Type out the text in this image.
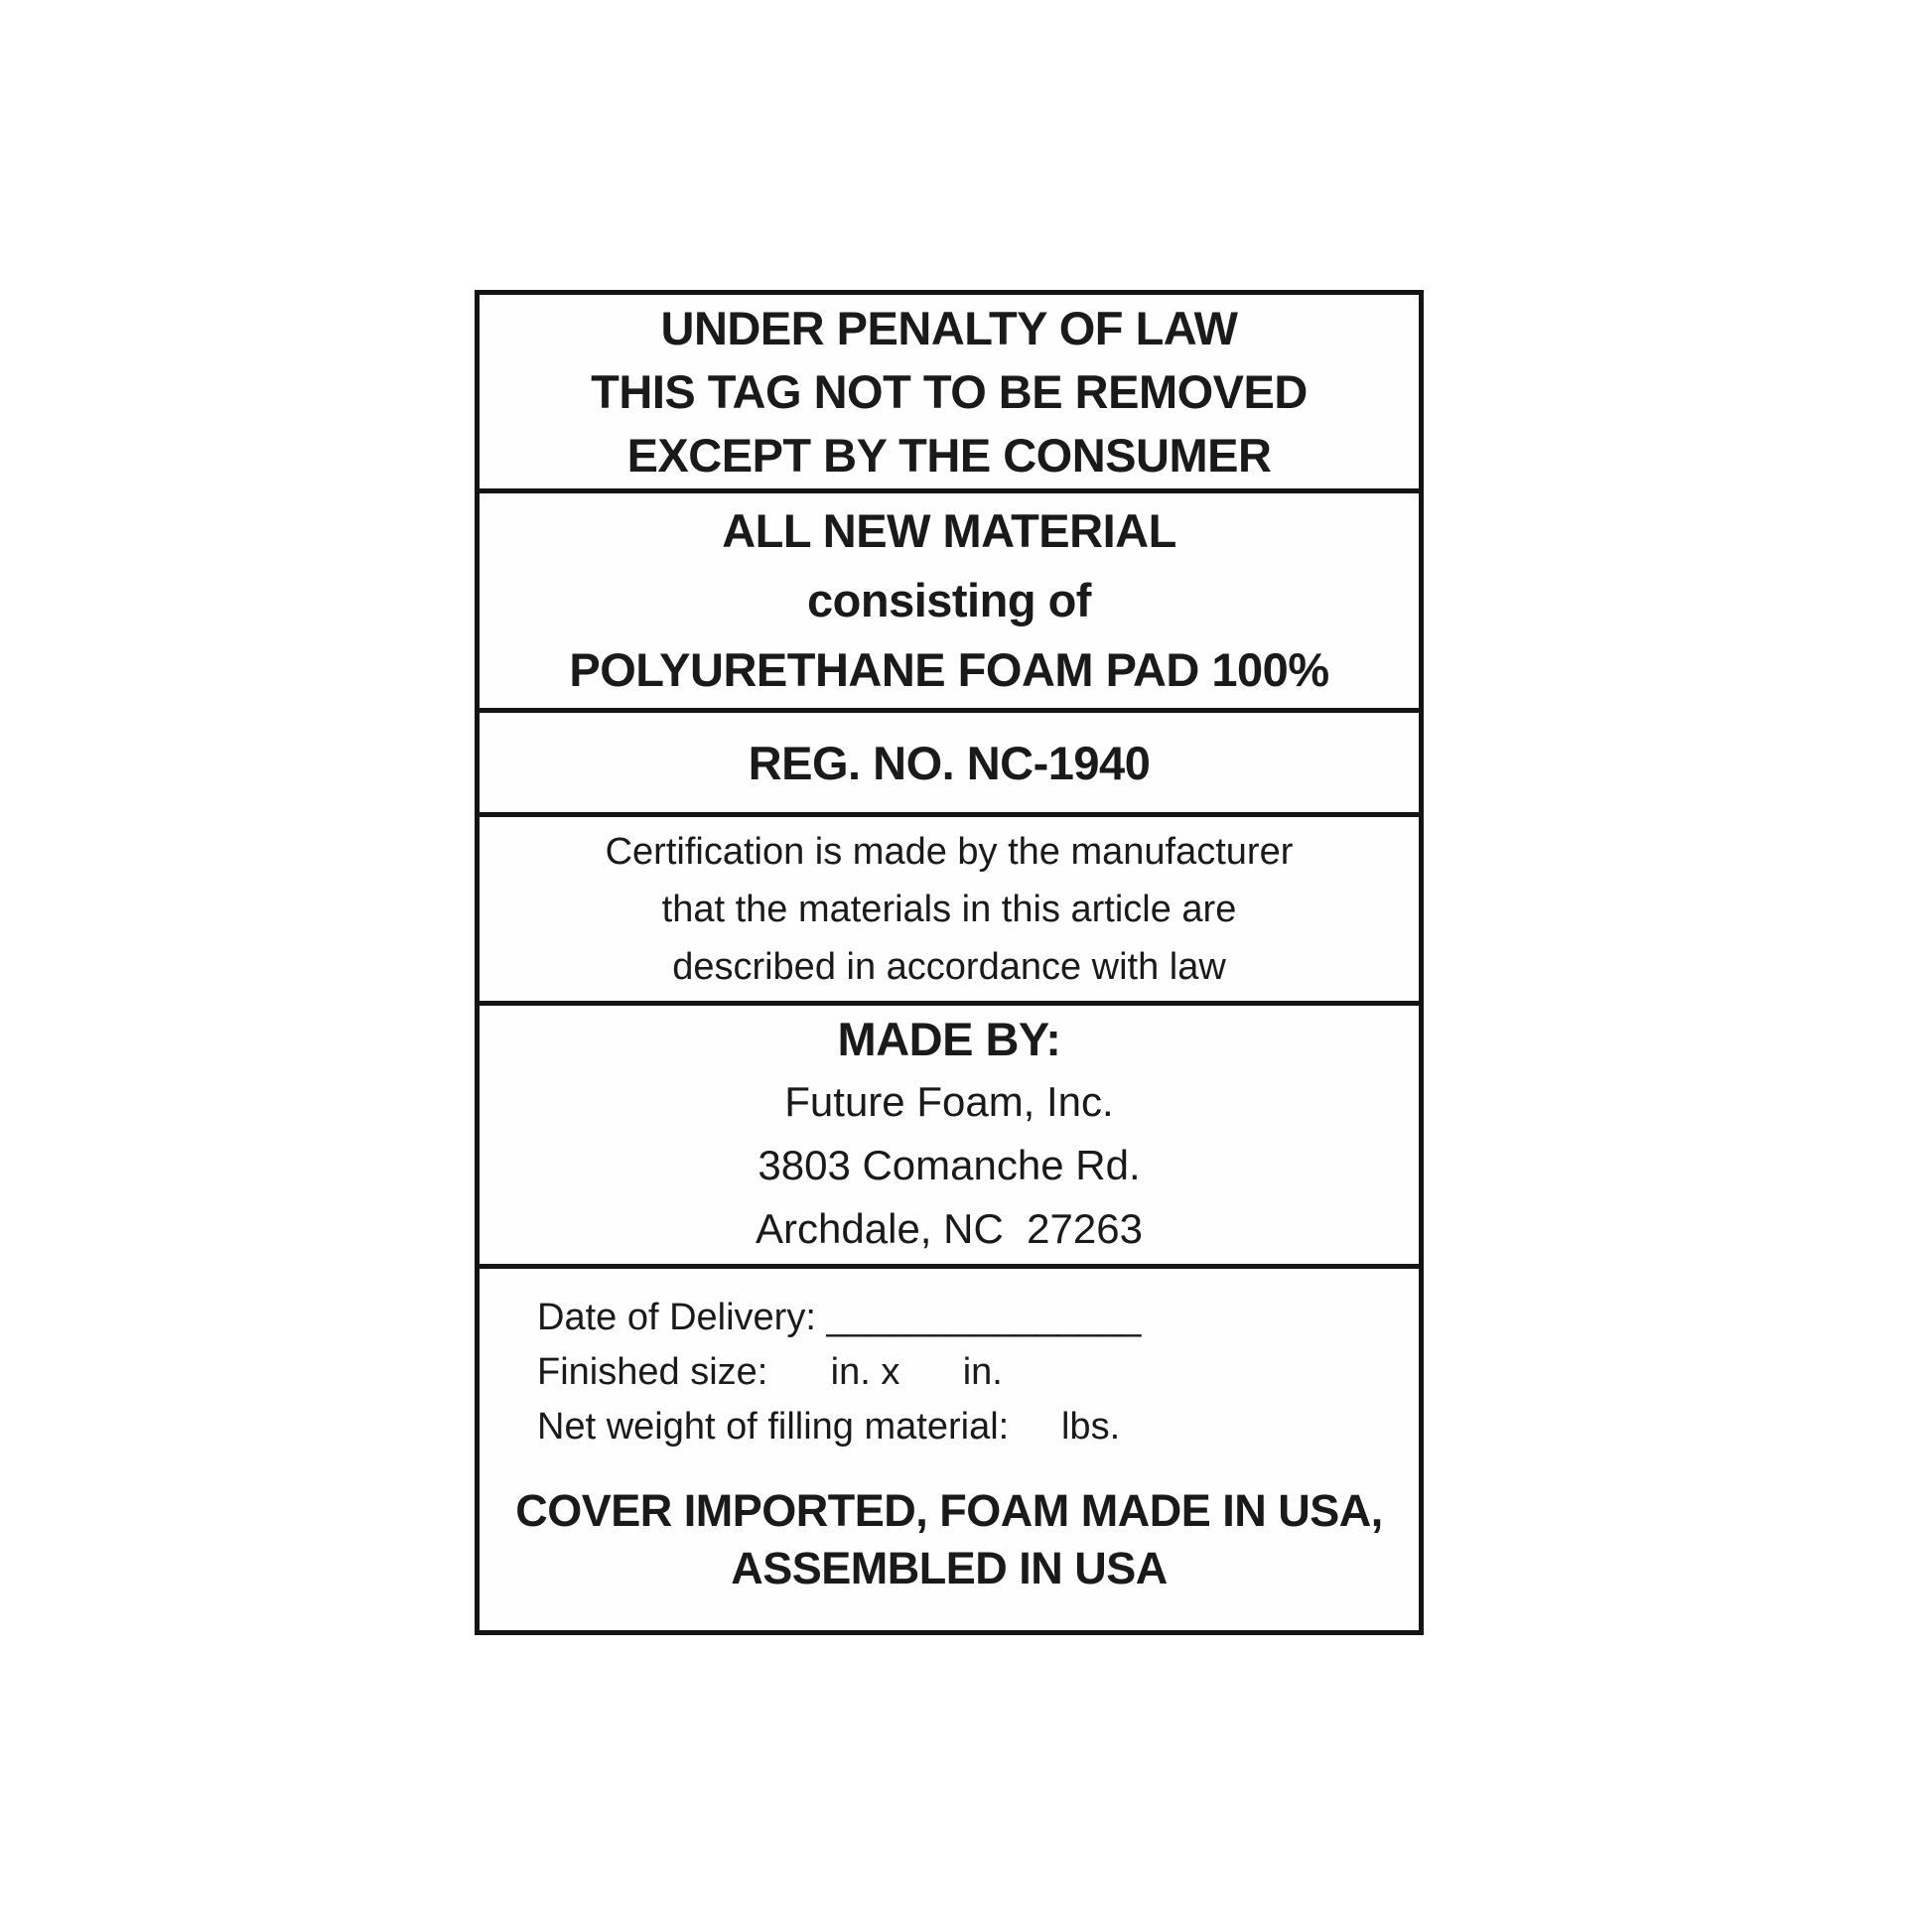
UNDER PENALTY OF LAW
THIS TAG NOT TO BE REMOVED
EXCEPT BY THE CONSUMER
ALL NEW MATERIAL
consisting of
POLYURETHANE FOAM PAD 100%
REG. NO. NC-1940
Certification is made by the manufacturer
that the materials in this article are
described in accordance with law
MADE BY:
Future Foam, Inc.
3803 Comanche Rd.
Archdale, NC  27263
Date of Delivery: _______________
Finished size:      in. x      in.
Net weight of filling material:     lbs.
COVER IMPORTED, FOAM MADE IN USA,
ASSEMBLED IN USA
